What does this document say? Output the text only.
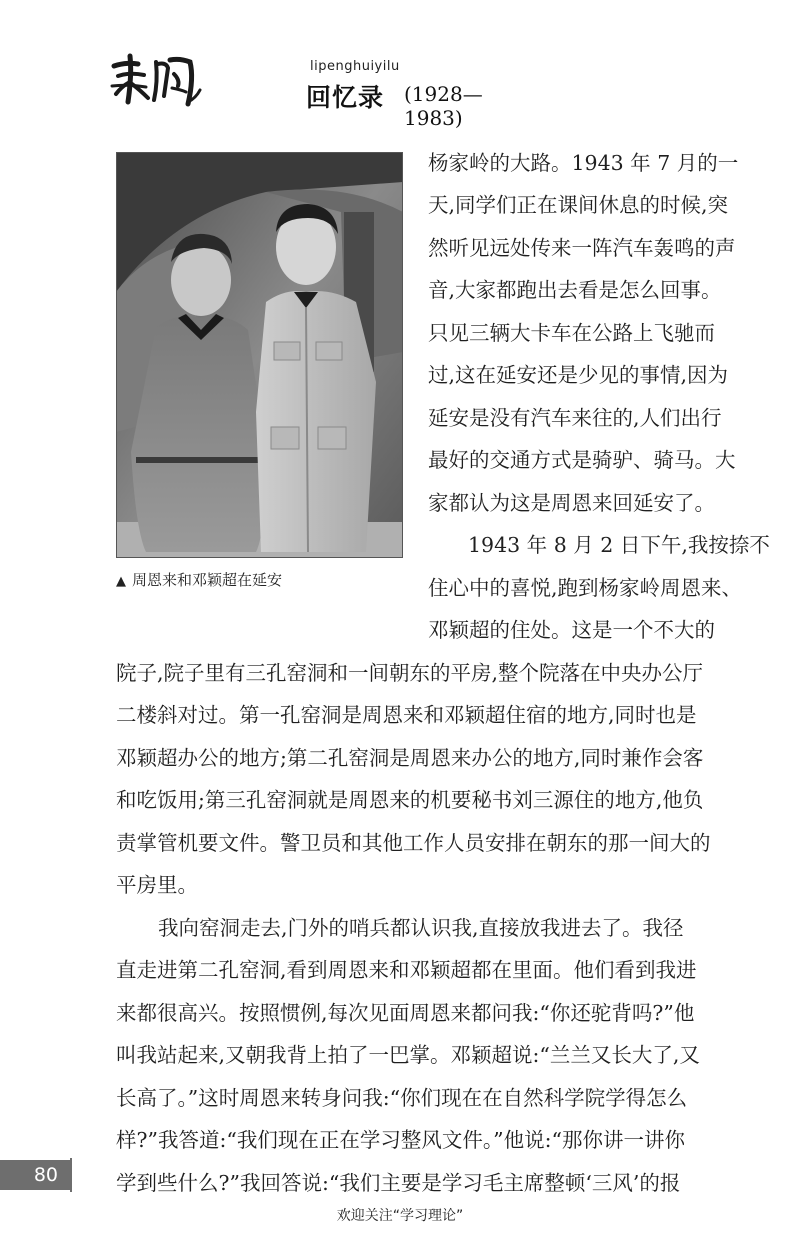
lipenghuiyilu
回忆录 (1928—1983)
▲ 周恩来和邓颖超在延安
杨家岭的大路。1943 年 7 月的一
天,同学们正在课间休息的时候,突
然听见远处传来一阵汽车轰鸣的声
音,大家都跑出去看是怎么回事。
只见三辆大卡车在公路上飞驰而
过,这在延安还是少见的事情,因为
延安是没有汽车来往的,人们出行
最好的交通方式是骑驴、骑马。大
家都认为这是周恩来回延安了。
1943 年 8 月 2 日下午,我按捺不
住心中的喜悦,跑到杨家岭周恩来、
邓颖超的住处。这是一个不大的
院子,院子里有三孔窑洞和一间朝东的平房,整个院落在中央办公厅
二楼斜对过。第一孔窑洞是周恩来和邓颖超住宿的地方,同时也是
邓颖超办公的地方;第二孔窑洞是周恩来办公的地方,同时兼作会客
和吃饭用;第三孔窑洞就是周恩来的机要秘书刘三源住的地方,他负
责掌管机要文件。警卫员和其他工作人员安排在朝东的那一间大的
平房里。
我向窑洞走去,门外的哨兵都认识我,直接放我进去了。我径
直走进第二孔窑洞,看到周恩来和邓颖超都在里面。他们看到我进
来都很高兴。按照惯例,每次见面周恩来都问我:“你还驼背吗?”他
叫我站起来,又朝我背上拍了一巴掌。邓颖超说:“兰兰又长大了,又
长高了。”这时周恩来转身问我:“你们现在在自然科学院学得怎么
样?”我答道:“我们现在正在学习整风文件。”他说:“那你讲一讲你
学到些什么?”我回答说:“我们主要是学习毛主席整顿‘三风’的报
80
欢迎关注“学习理论”
